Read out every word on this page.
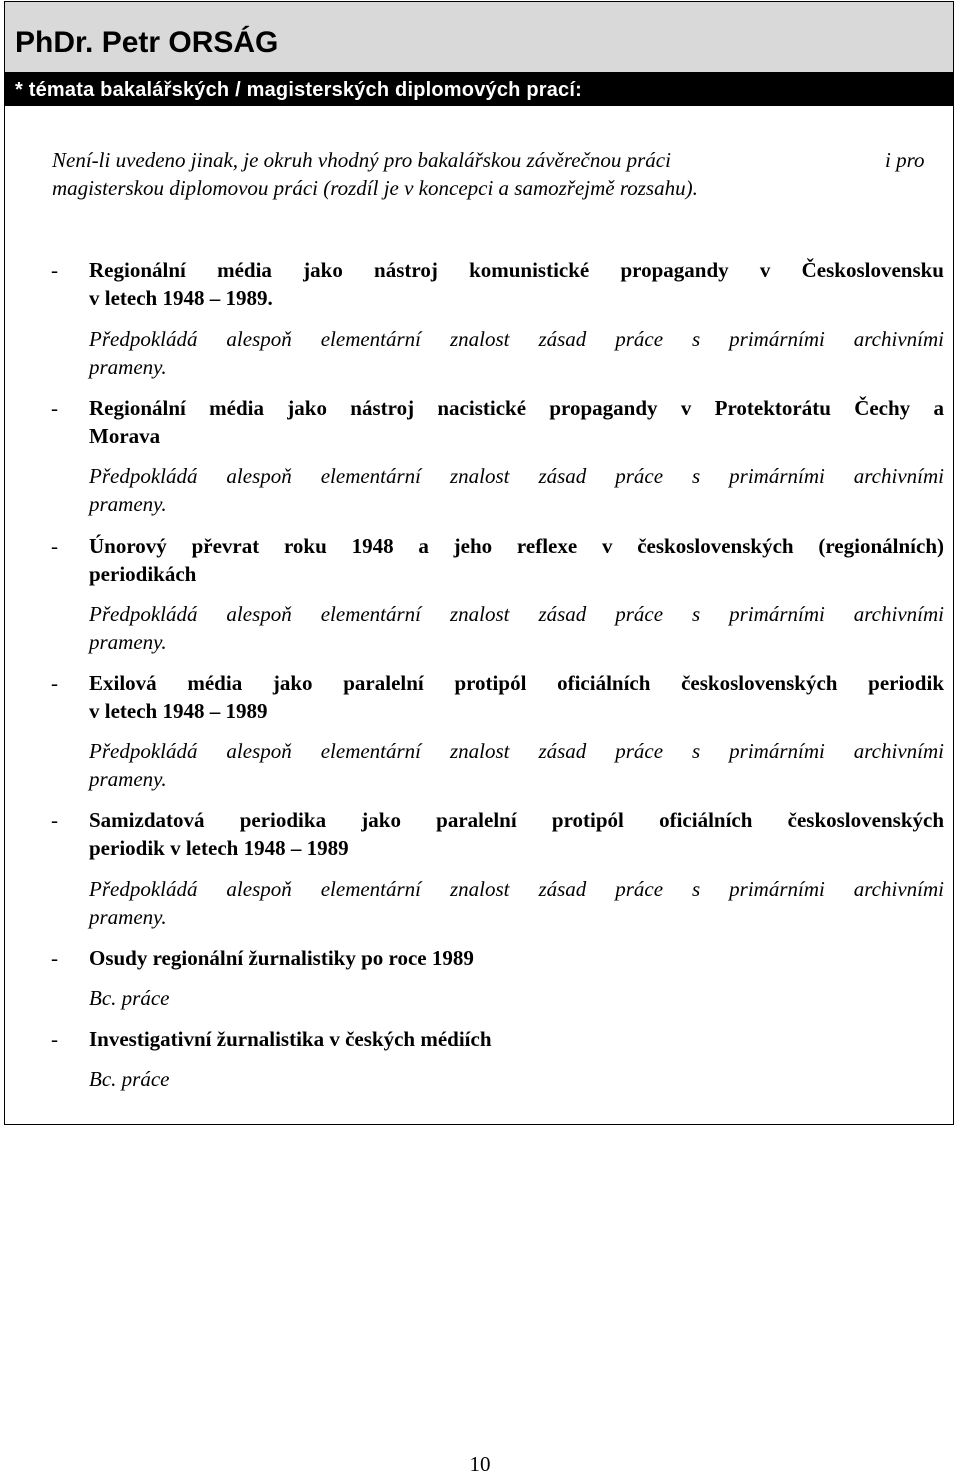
PhDr. Petr ORSÁG
* témata bakalářských / magisterských diplomových prací:
Není-li uvedeno jinak, je okruh vhodný pro bakalářskou závěrečnou práci	i pro
magisterskou diplomovou práci (rozdíl je v koncepci a samozřejmě rozsahu).
- Regionální média jako nástroj komunistické propagandy v Československu
v letech 1948 – 1989.
Předpokládá alespoň elementární znalost zásad práce s primárními archivními
prameny.
- Regionální média jako nástroj nacistické propagandy v Protektorátu Čechy a
Morava
Předpokládá alespoň elementární znalost zásad práce s primárními archivními
prameny.
- Únorový převrat roku 1948 a jeho reflexe v československých (regionálních)
periodikách
Předpokládá alespoň elementární znalost zásad práce s primárními archivními
prameny.
- Exilová média jako paralelní protipól oficiálních československých periodik
v letech 1948 – 1989
Předpokládá alespoň elementární znalost zásad práce s primárními archivními
prameny.
- Samizdatová periodika jako paralelní protipól oficiálních československých
periodik v letech 1948 – 1989
Předpokládá alespoň elementární znalost zásad práce s primárními archivními
prameny.
- Osudy regionální žurnalistiky po roce 1989
Bc. práce
- Investigativní žurnalistika v českých médiích
Bc. práce
10
